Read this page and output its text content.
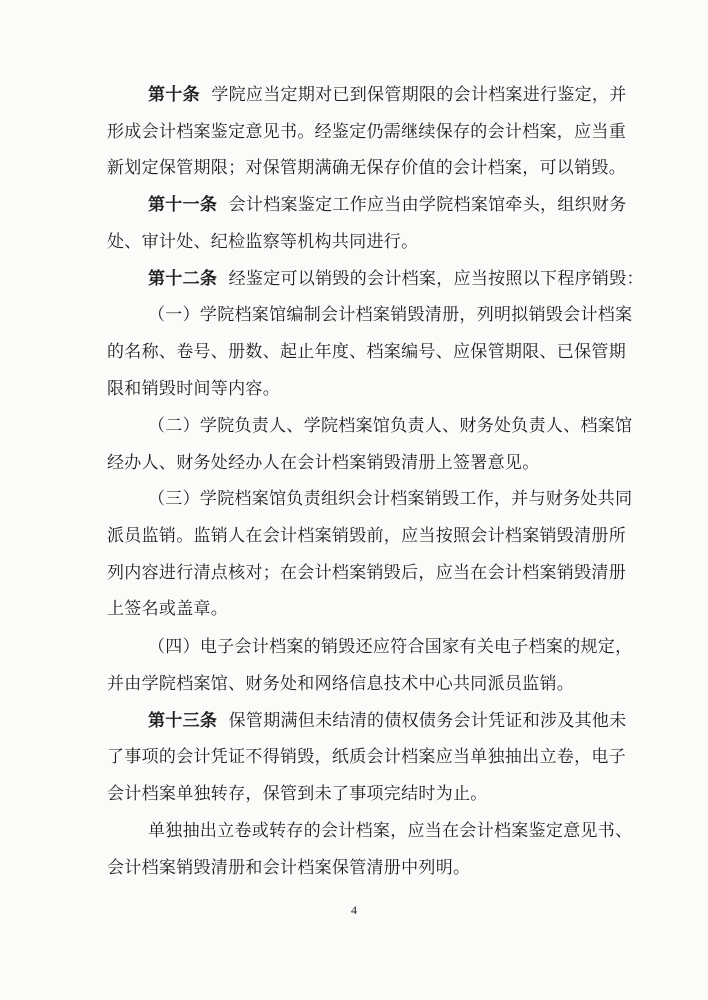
第十条 学院应当定期对已到保管期限的会计档案进行鉴定，并
形成会计档案鉴定意见书。经鉴定仍需继续保存的会计档案，应当重
新划定保管期限；对保管期满确无保存价值的会计档案，可以销毁。
第十一条 会计档案鉴定工作应当由学院档案馆牵头，组织财务
处、审计处、纪检监察等机构共同进行。
第十二条 经鉴定可以销毁的会计档案，应当按照以下程序销毁：
（一）学院档案馆编制会计档案销毁清册，列明拟销毁会计档案
的名称、卷号、册数、起止年度、档案编号、应保管期限、已保管期
限和销毁时间等内容。
（二）学院负责人、学院档案馆负责人、财务处负责人、档案馆
经办人、财务处经办人在会计档案销毁清册上签署意见。
（三）学院档案馆负责组织会计档案销毁工作，并与财务处共同
派员监销。监销人在会计档案销毁前，应当按照会计档案销毁清册所
列内容进行清点核对；在会计档案销毁后，应当在会计档案销毁清册
上签名或盖章。
（四）电子会计档案的销毁还应符合国家有关电子档案的规定，
并由学院档案馆、财务处和网络信息技术中心共同派员监销。
第十三条 保管期满但未结清的债权债务会计凭证和涉及其他未
了事项的会计凭证不得销毁，纸质会计档案应当单独抽出立卷，电子
会计档案单独转存，保管到未了事项完结时为止。
单独抽出立卷或转存的会计档案，应当在会计档案鉴定意见书、
会计档案销毁清册和会计档案保管清册中列明。
4
